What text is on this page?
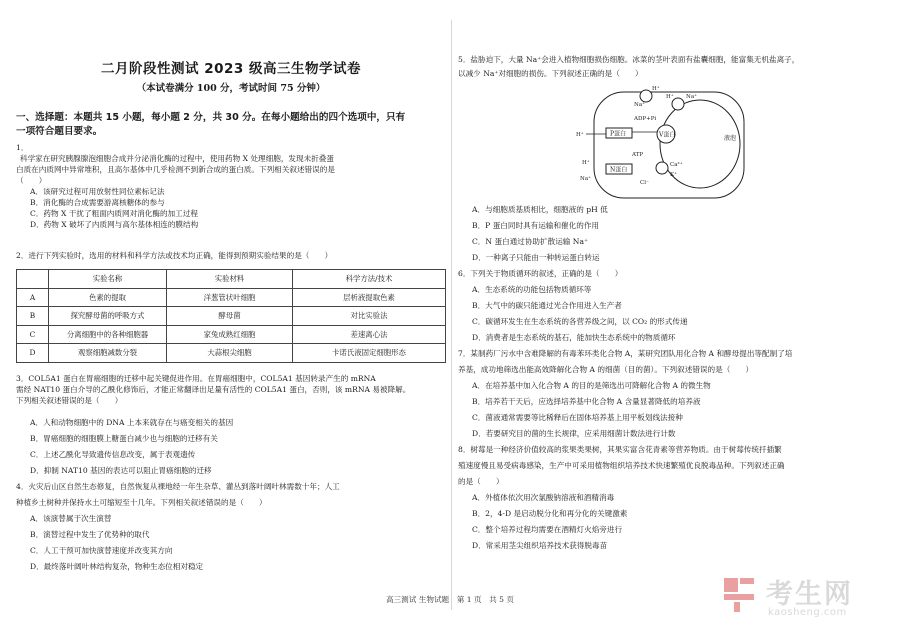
二月阶段性测试 2023 级高三生物学试卷
（本试卷满分 100 分，考试时间 75 分钟）
一、选择题：本题共 15 小题，每小题 2 分，共 30 分。在每小题给出的四个选项中，只有
一项符合题目要求。
1．
科学家在研究胰腺腺泡细胞合成并分泌消化酶的过程中，使用药物 X 处理细胞，发现未折叠蛋
白质在内质网中异常堆积，且高尔基体中几乎检测不到新合成的蛋白质。下列相关叙述错误的是
（　　）
A．该研究过程可用放射性同位素标记法
B．消化酶的合成需要游离核糖体的参与
C．药物 X 干扰了粗面内质网对消化酶的加工过程
D．药物 X 破坏了内质网与高尔基体相连的膜结构
2．进行下列实验时，选用的材料和科学方法或技术均正确，能得到预期实验结果的是（　　）
	实验名称	实验材料	科学方法/技术
A	色素的提取	洋葱管状叶细胞	层析液提取色素
B	探究酵母菌的呼吸方式	酵母菌	对比实验法
C	分离细胞中的各种细胞器	家兔成熟红细胞	差速离心法
D	观察细胞减数分裂	大蒜根尖细胞	卡诺氏液固定细胞形态
3．COL5A1 蛋白在胃癌细胞的迁移中起关键促进作用。在胃癌细胞中，COL5A1 基因转录产生的 mRNA
需经 NAT10 蛋白介导的乙酰化修饰后，才能正常翻译出足量有活性的 COL5A1 蛋白，否则，该 mRNA 易被降解。
下列相关叙述错误的是（　　）
A．人和动物细胞中的 DNA 上本来就存在与癌变相关的基因
B．胃癌细胞的细胞膜上糖蛋白减少也与细胞的迁移有关
C．上述乙酰化导致遗传信息改变，属于表观遗传
D．抑制 NAT10 基因的表达可以阻止胃癌细胞的迁移
4．火灾后山区自然生态修复，自然恢复从裸地经一年生杂草、灌丛到落叶阔叶林需数十年；人工
种植乡土树种并保持水土可缩短至十几年。下列相关叙述错误的是（　　）
A．该演替属于次生演替
B．演替过程中发生了优势种的取代
C．人工干预可加快演替速度并改变其方向
D．最终落叶阔叶林结构复杂，物种生态位相对稳定
5．盐胁迫下，大量 Na⁺会进入植物细胞损伤细胞。冰菜的茎叶表面有盐囊细胞，能富集无机盐离子，
以减少 Na⁺对细胞的损伤。下列叙述正确的是（　　）
A．与细胞质基质相比，细胞液的 pH 低
B．P 蛋白同时具有运输和催化的作用
C．N 蛋白通过协助扩散运输 Na⁺
D．一种离子只能由一种转运蛋白转运
6．下列关于物质循环的叙述，正确的是（　　）
A．生态系统的功能包括物质循环等
B．大气中的碳只能通过光合作用进入生产者
C．碳循环发生在生态系统的各营养级之间，以 CO₂ 的形式传递
D．消费者是生态系统的基石，能加快生态系统中的物质循环
7．某制药厂污水中含难降解的有毒苯环类化合物 A，某研究团队用化合物 A 和酵母提出等配制了培
养基，成功地筛选出能高效降解化合物 A 的细菌（目的菌）。下列叙述错误的是（　　）
A．在培养基中加入化合物 A 的目的是筛选出可降解化合物 A 的微生物
B．培养若干天后，应选择培养基中化合物 A 含量显著降低的培养液
C．菌液通常需要等比稀释后在固体培养基上用平板划线法接种
D．若要研究目的菌的生长规律，应采用细菌计数法进行计数
8．树莓是一种经济价值较高的浆果类果树，其果实富含花青素等营养物质。由于树莓传统扦插繁
殖速度慢且易受病毒感染，生产中可采用植物组织培养技术快速繁殖优良脱毒品种。下列叙述正确
的是（　　）
A．外植体依次用次氯酸钠溶液和酒精消毒
B．2，4-D 是启动脱分化和再分化的关键激素
C．整个培养过程均需要在酒精灯火焰旁进行
D．常采用茎尖组织培养技术获得脱毒苗
液泡
H⁺
Na⁺
H⁺ Na⁺
P蛋白
H⁺
ADP+Pi
ATP
V蛋白
N蛋白
H⁺
Na⁺
Ca²⁺
K⁺
Cl⁻
高三测试 生物试题　第 1 页　共 5 页	考生网
kaosheng.com
